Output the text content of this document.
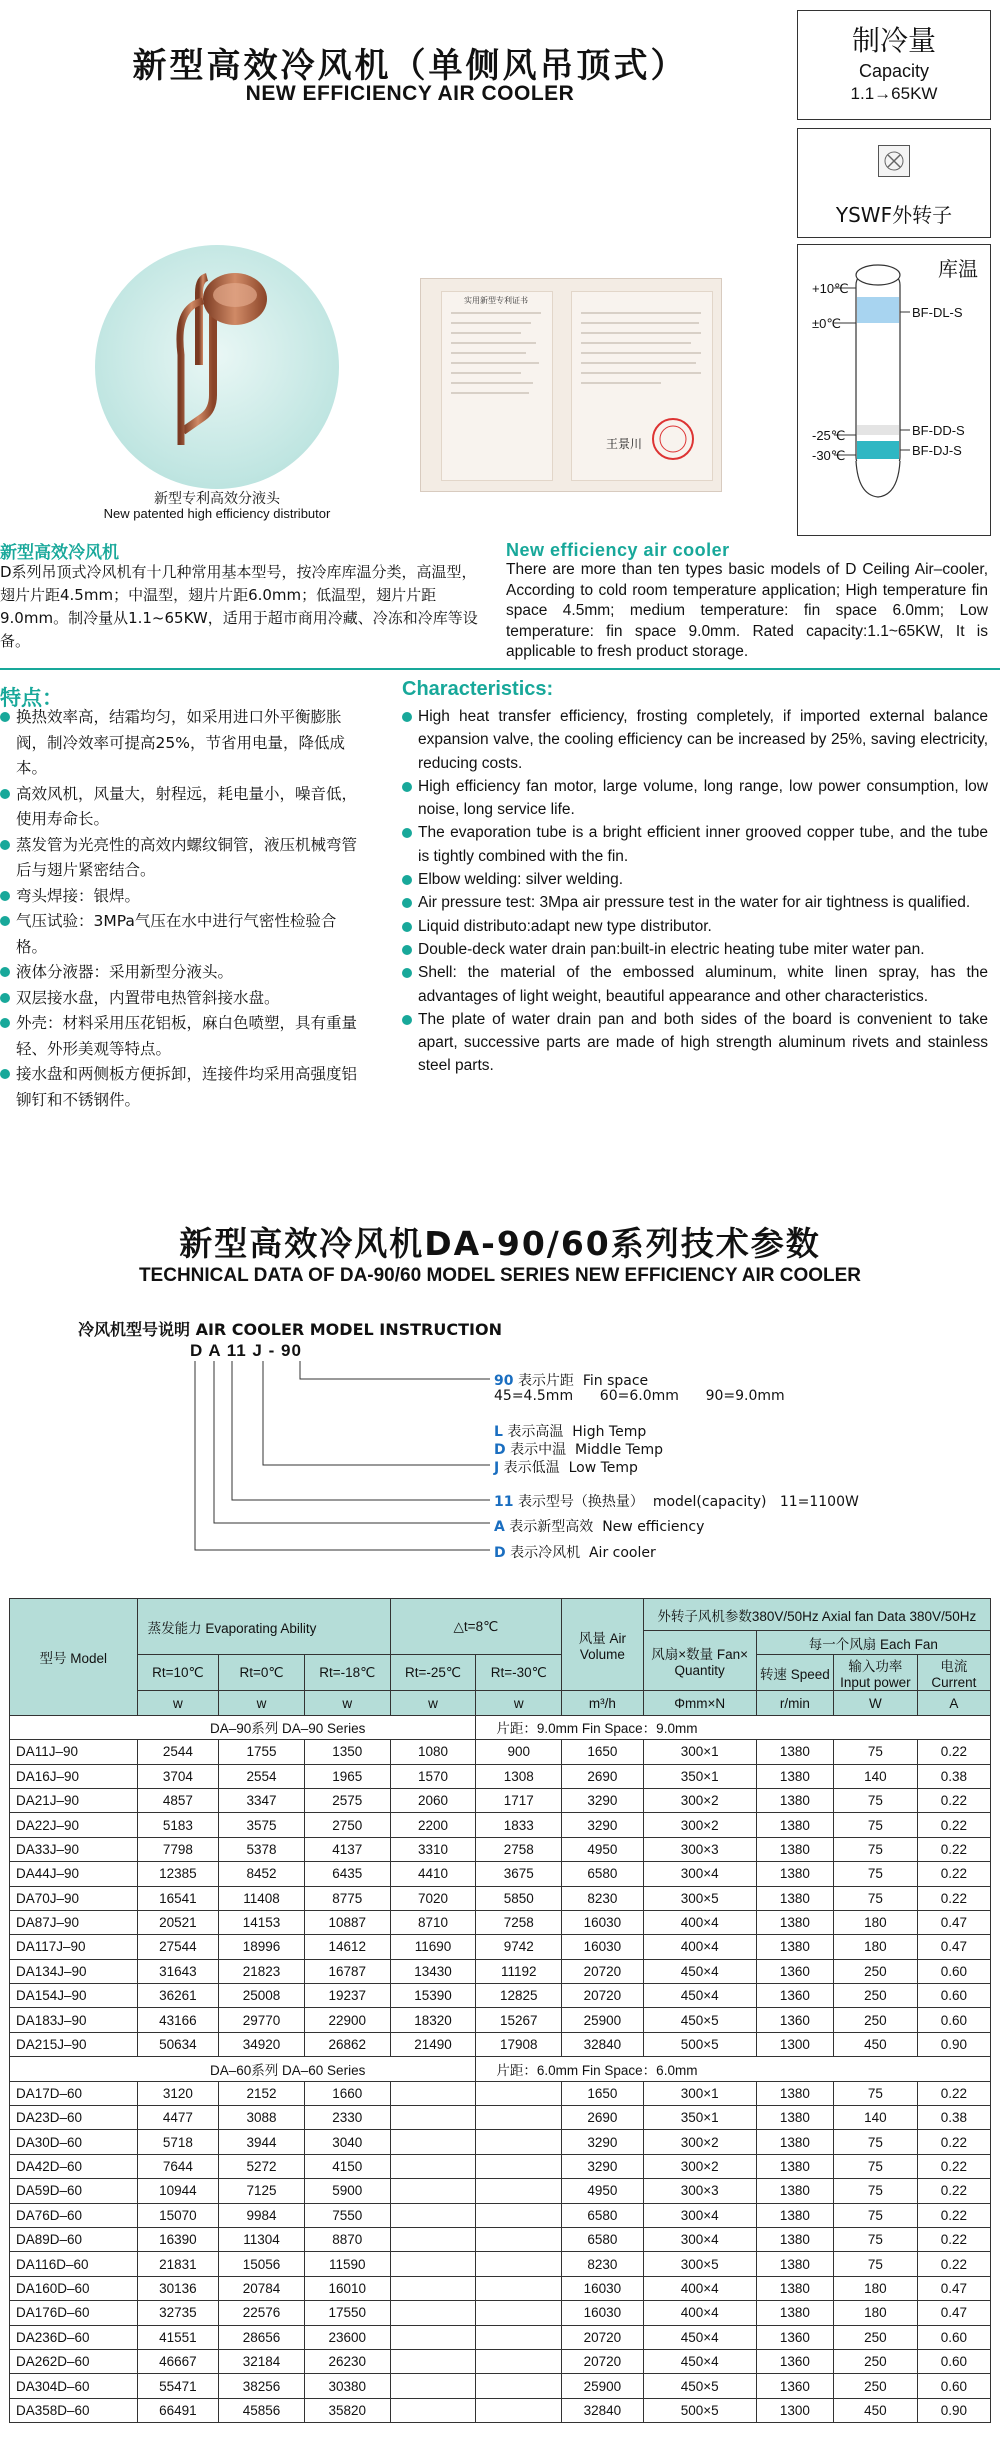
新型高效冷风机（单侧风吊顶式）
NEW EFFICIENCY AIR COOLER
制冷量
Capacity
1.1→65KW
YSWF外转子
库温
+10℃
±0℃
-25℃
-30℃
BF-DL-S
BF-DD-S
BF-DJ-S
新型专利高效分液头
New patented high efficiency distributor
实用新型专利证书
王景川
新型高效冷风机
D系列吊顶式冷风机有十几种常用基本型号，按冷库库温分类，高温型，翅片片距4.5mm；中温型，翅片片距6.0mm；低温型，翅片片距9.0mm。制冷量从1.1~65KW，适用于超市商用冷藏、冷冻和冷库等设备。
New efficiency air cooler
There are more than ten types basic models of D Ceiling Air–cooler, According to cold room temperature application; High temperature fin space 4.5mm; medium temperature: fin space 6.0mm; Low temperature: fin space 9.0mm. Rated capacity:1.1~65KW, It is applicable to fresh product storage.
特点：
换热效率高，结霜均匀，如采用进口外平衡膨胀阀，制冷效率可提高25%，节省用电量，降低成本。
高效风机，风量大，射程远，耗电量小，噪音低，使用寿命长。
蒸发管为光亮性的高效内螺纹铜管，液压机械弯管后与翅片紧密结合。
弯头焊接：银焊。
气压试验：3MPa气压在水中进行气密性检验合格。
液体分液器：采用新型分液头。
双层接水盘，内置带电热管斜接水盘。
外壳：材料采用压花铝板，麻白色喷塑，具有重量轻、外形美观等特点。
接水盘和两侧板方便拆卸，连接件均采用高强度铝铆钉和不锈钢件。
Characteristics:
High heat transfer efficiency, frosting completely, if imported external balance expansion valve, the cooling efficiency can be increased by 25%, saving electricity, reducing costs.
High efficiency fan motor, large volume, long range, low power consumption, low noise, long service life.
The evaporation tube is a bright efficient inner grooved copper tube, and the tube is tightly combined with the fin.
Elbow welding: silver welding.
Air pressure test: 3Mpa air pressure test in the water for air tightness is qualified.
Liquid distributo:adapt new type distributor.
Double-deck water drain pan:built-in electric heating tube miter water pan.
Shell: the material of the embossed aluminum, white linen spray, has the advantages of light weight, beautiful appearance and other characteristics.
The plate of water drain pan and both sides of the board is convenient to take apart, successive parts are made of high strength aluminum rivets and stainless steel parts.
新型高效冷风机DA-90/60系列技术参数
TECHNICAL DATA OF DA-90/60 MODEL SERIES NEW EFFICIENCY AIR COOLER
冷风机型号说明 AIR COOLER MODEL INSTRUCTION
D A 11 J - 90
90 表示片距 Fin space
45=4.5mm      60=6.0mm      90=9.0mm
L 表示高温 High Temp
D 表示中温 Middle Temp
J 表示低温 Low Temp
11 表示型号（换热量） model(capacity)   11=1100W
A 表示新型高效 New efficiency
D 表示冷风机 Air cooler
型号 Model	蒸发能力 Evaporating Ability			△t=8℃		风量 Air Volume	外转子风机参数380V/50Hz Axial fan Data 380V/50Hz			
							风扇×数量 Fan× Quantity	每一个风扇 Each Fan		
	Rt=10℃	Rt=0℃	Rt=-18℃	Rt=-25℃	Rt=-30℃			转速 Speed	输入功率 Input power	电流 Current
	w	w	w	w	w	m³/h	Φmm×N	r/min	W	A
DA–90系列 DA–90 Series					片距：9.0mm Fin Space：9.0mm					
DA11J–90	2544	1755	1350	1080	900	1650	300×1	1380	75	0.22
DA16J–90	3704	2554	1965	1570	1308	2690	350×1	1380	140	0.38
DA21J–90	4857	3347	2575	2060	1717	3290	300×2	1380	75	0.22
DA22J–90	5183	3575	2750	2200	1833	3290	300×2	1380	75	0.22
DA33J–90	7798	5378	4137	3310	2758	4950	300×3	1380	75	0.22
DA44J–90	12385	8452	6435	4410	3675	6580	300×4	1380	75	0.22
DA70J–90	16541	11408	8775	7020	5850	8230	300×5	1380	75	0.22
DA87J–90	20521	14153	10887	8710	7258	16030	400×4	1380	180	0.47
DA117J–90	27544	18996	14612	11690	9742	16030	400×4	1380	180	0.47
DA134J–90	31643	21823	16787	13430	11192	20720	450×4	1360	250	0.60
DA154J–90	36261	25008	19237	15390	12825	20720	450×4	1360	250	0.60
DA183J–90	43166	29770	22900	18320	15267	25900	450×5	1360	250	0.60
DA215J–90	50634	34920	26862	21490	17908	32840	500×5	1300	450	0.90
DA–60系列 DA–60 Series					片距：6.0mm Fin Space：6.0mm					
DA17D–60	3120	2152	1660			1650	300×1	1380	75	0.22
DA23D–60	4477	3088	2330			2690	350×1	1380	140	0.38
DA30D–60	5718	3944	3040			3290	300×2	1380	75	0.22
DA42D–60	7644	5272	4150			3290	300×2	1380	75	0.22
DA59D–60	10944	7125	5900			4950	300×3	1380	75	0.22
DA76D–60	15070	9984	7550			6580	300×4	1380	75	0.22
DA89D–60	16390	11304	8870			6580	300×4	1380	75	0.22
DA116D–60	21831	15056	11590			8230	300×5	1380	75	0.22
DA160D–60	30136	20784	16010			16030	400×4	1380	180	0.47
DA176D–60	32735	22576	17550			16030	400×4	1380	180	0.47
DA236D–60	41551	28656	23600			20720	450×4	1360	250	0.60
DA262D–60	46667	32184	26230			20720	450×4	1360	250	0.60
DA304D–60	55471	38256	30380			25900	450×5	1360	250	0.60
DA358D–60	66491	45856	35820			32840	500×5	1300	450	0.90
